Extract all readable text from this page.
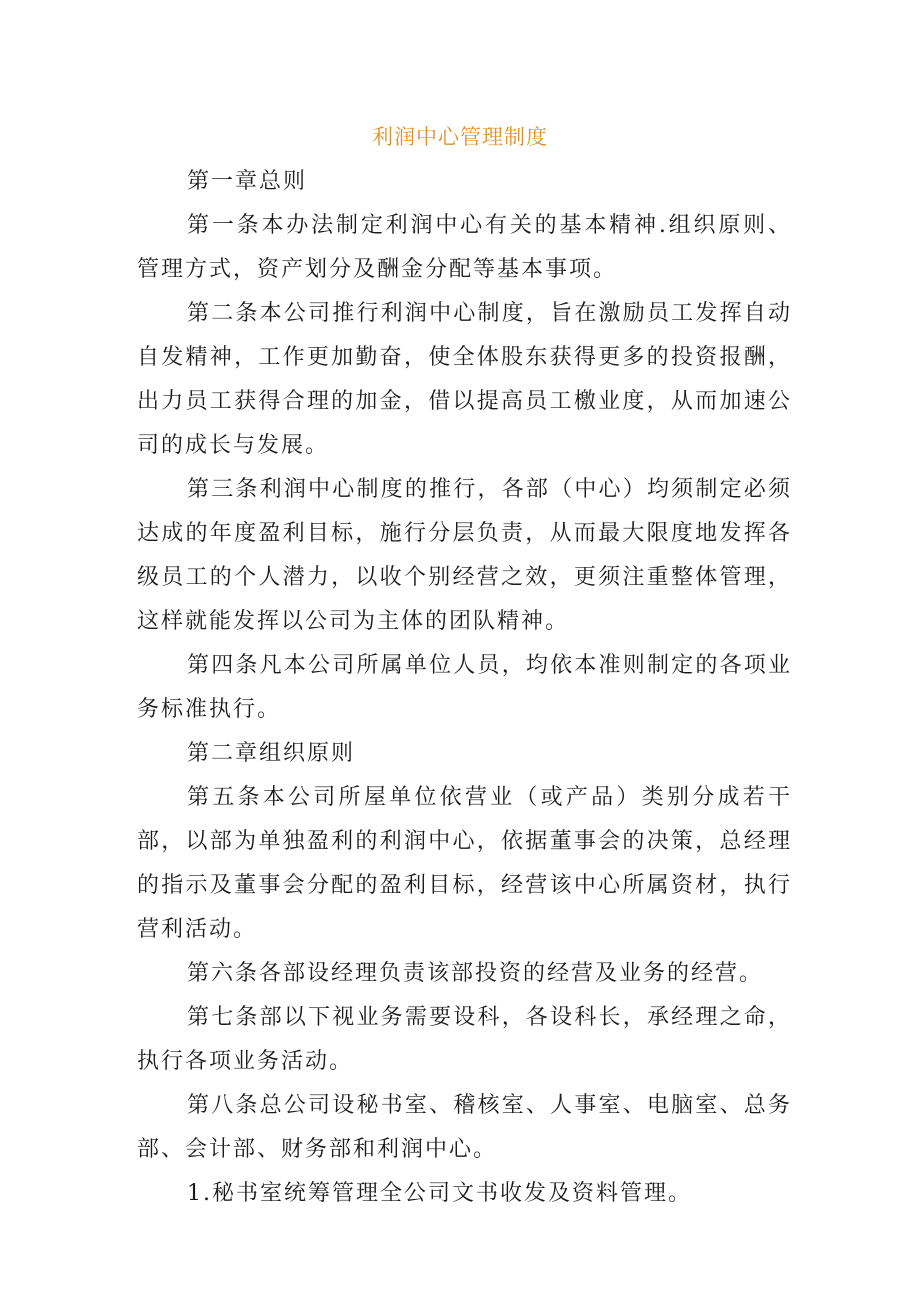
利润中心管理制度

第一章总则

第一条本办法制定利润中心有关的基本精神.组织原则、管理方式，资产划分及酬金分配等基本事项。

第二条本公司推行利润中心制度，旨在激励员工发挥自动自发精神，工作更加勤奋，使全体股东获得更多的投资报酬，出力员工获得合理的加金，借以提高员工檄业度，从而加速公司的成长与发展。

第三条利润中心制度的推行，各部（中心）均须制定必须达成的年度盈利目标，施行分层负责，从而最大限度地发挥各级员工的个人潜力，以收个别经营之效，更须注重整体管理，这样就能发挥以公司为主体的团队精神。

第四条凡本公司所属单位人员，均依本准则制定的各项业务标准执行。

第二章组织原则

第五条本公司所屋单位依营业（或产品）类别分成若干部，以部为单独盈利的利润中心，依据董事会的决策，总经理的指示及董事会分配的盈利目标，经营该中心所属资材，执行营利活动。

第六条各部设经理负责该部投资的经营及业务的经营。

第七条部以下视业务需要设科，各设科长，承经理之命，执行各项业务活动。

第八条总公司设秘书室、稽核室、人事室、电脑室、总务部、会计部、财务部和利润中心。

1.秘书室统筹管理全公司文书收发及资料管理。
